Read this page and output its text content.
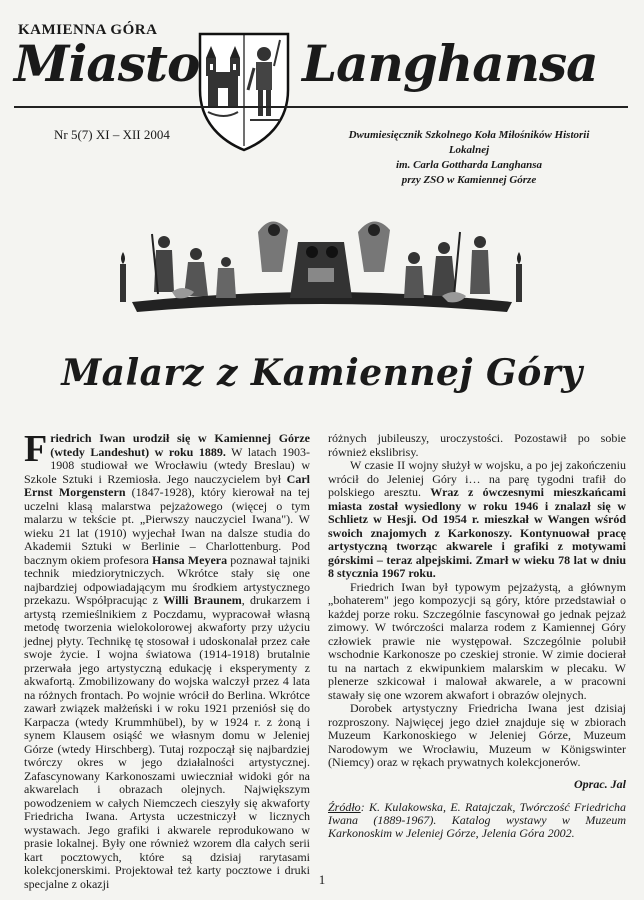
KAMIENNA GÓRA
Miasto Langhansa
Nr 5(7) XI – XII 2004	Dwumiesięcznik Szkolnego Koła Miłośników Historii
Lokalnej
im. Carla Gottharda Langhansa
przy ZSO w Kamiennej Górze
Malarz z Kamiennej Góry

Friedrich Iwan urodził się w Kamiennej Górze (wtedy Landeshut) w roku 1889. W latach 1903-1908 studiował we Wrocławiu (wtedy Breslau) w Szkole Sztuki i Rzemiosła. Jego nauczycielem był Carl Ernst Morgenstern (1847-1928), który kierował na tej uczelni klasą malarstwa pejzażowego (więcej o tym malarzu w tekście pt. „Pierwszy nauczyciel Iwana"). W wieku 21 lat (1910) wyjechał Iwan na dalsze studia do Akademii Sztuki w Berlinie – Charlottenburg. Pod bacznym okiem profesora Hansa Meyera poznawał tajniki technik miedziorytniczych. Wkrótce stały się one najbardziej odpowiadającym mu środkiem artystycznego przekazu. Współpracując z Willi Braunem, drukarzem i artystą rzemieślnikiem z Poczdamu, wypracował własną metodę tworzenia wielokolorowej akwaforty przy użyciu jednej płyty. Technikę tę stosował i udoskonalał przez całe swoje życie. I wojna światowa (1914-1918) brutalnie przerwała jego artystyczną edukację i eksperymenty z akwafortą. Zmobilizowany do wojska walczył przez 4 lata na różnych frontach. Po wojnie wrócił do Berlina. Wkrótce zawarł związek małżeński i w roku 1921 przeniósł się do Karpacza (wtedy Krummhübel), by w 1924 r. z żoną i synem Klausem osiąść we własnym domu w Jeleniej Górze (wtedy Hirschberg). Tutaj rozpoczął się najbardziej twórczy okres w jego działalności artystycznej. Zafascynowany Karkonoszami uwieczniał widoki gór na akwarelach i obrazach olejnych. Największym powodzeniem w całych Niemczech cieszyły się akwaforty Friedricha Iwana. Artysta uczestniczył w licznych wystawach. Jego grafiki i akwarele reprodukowano w prasie lokalnej. Były one również wzorem dla całych serii kart pocztowych, które są dzisiaj rarytasami kolekcjonerskimi. Projektował też karty pocztowe i druki specjalne z okazji

różnych jubileuszy, uroczystości. Pozostawił po sobie również ekslibrisy.

W czasie II wojny służył w wojsku, a po jej zakończeniu wrócił do Jeleniej Góry i… na parę tygodni trafił do polskiego aresztu. Wraz z ówczesnymi mieszkańcami miasta został wysiedlony w roku 1946 i znalazł się w Schlietz w Hesji. Od 1954 r. mieszkał w Wangen wśród swoich znajomych z Karkonoszy. Kontynuował pracę artystyczną tworząc akwarele i grafiki z motywami górskimi – teraz alpejskimi. Zmarł w wieku 78 lat w dniu 8 stycznia 1967 roku.

Friedrich Iwan był typowym pejzażystą, a głównym „bohaterem" jego kompozycji są góry, które przedstawiał o każdej porze roku. Szczególnie fascynował go jednak pejzaż zimowy. W twórczości malarza rodem z Kamiennej Góry człowiek prawie nie występował. Szczególnie polubił wschodnie Karkonosze po czeskiej stronie. W zimie docierał tu na nartach z ekwipunkiem malarskim w plecaku. W plenerze szkicował i malował akwarele, a w pracowni stawały się one wzorem akwafort i obrazów olejnych.

Dorobek artystyczny Friedricha Iwana jest dzisiaj rozproszony. Najwięcej jego dzieł znajduje się w zbiorach Muzeum Karkonoskiego w Jeleniej Górze, Muzeum Narodowym we Wrocławiu, Muzeum w Königswinter (Niemcy) oraz w rękach prywatnych kolekcjonerów.

Oprac. Jal

Źródło: K. Kulakowska, E. Ratajczak, Twórczość Friedricha Iwana (1889-1967). Katalog wystawy w Muzeum Karkonoskim w Jeleniej Górze, Jelenia Góra 2002.

1
